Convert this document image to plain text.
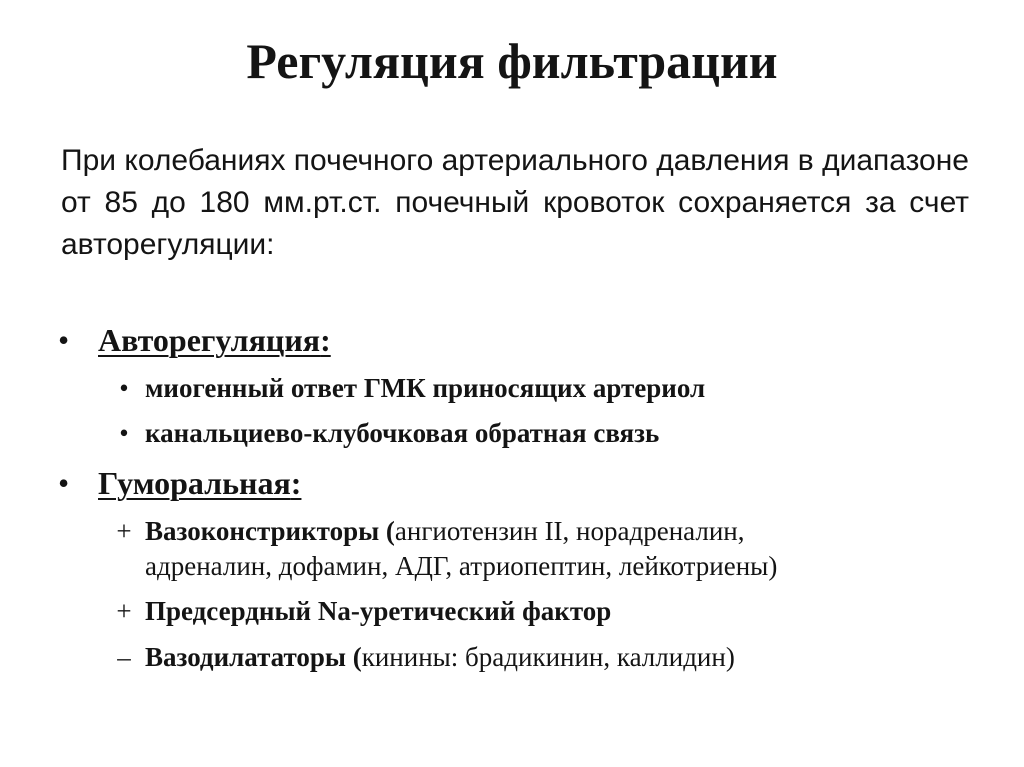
Регуляция фильтрации

При колебаниях почечного артериального давления в диапазоне от 85 до 180 мм.рт.ст. почечный кровоток сохраняется за счет авторегуляции:

• Авторегуляция:
• миогенный ответ ГМК приносящих артериол
• канальциево-клубочковая обратная связь
• Гуморальная:
+ Вазоконстрикторы (ангиотензин II, норадреналин,
адреналин, дофамин, АДГ, атриопептин, лейкотриены)
+ Предсердный Na-уретический фактор
– Вазодилататоры (кинины: брадикинин, каллидин)
